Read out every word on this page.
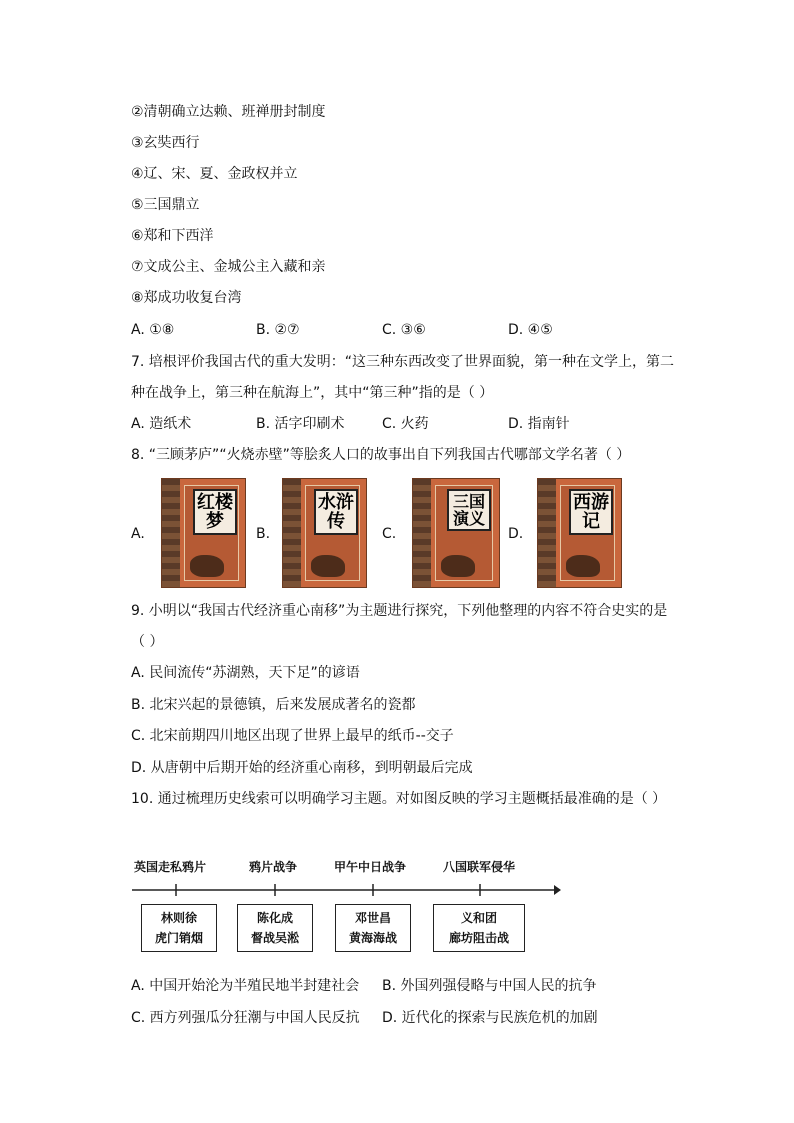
②清朝确立达赖、班禅册封制度
③玄奘西行
④辽、宋、夏、金政权并立
⑤三国鼎立
⑥郑和下西洋
⑦文成公主、金城公主入藏和亲
⑧郑成功收复台湾
A. ①⑧	B. ②⑦	C. ③⑥	D. ④⑤
7. 培根评价我国古代的重大发明：“这三种东西改变了世界面貌，第一种在文学上，第二
种在战争上，第三种在航海上”，其中“第三种”指的是（ ）
A. 造纸术	B. 活字印刷术	C. 火药	D. 指南针
8. “三顾茅庐”“火烧赤壁”等脍炙人口的故事出自下列我国古代哪部文学名著（ ）
A.
红楼梦
B.
水浒传
C.
三国演义
D.
西游记
9. 小明以“我国古代经济重心南移”为主题进行探究，下列他整理的内容不符合史实的是
（ ）
A. 民间流传“苏湖熟，天下足”的谚语
B. 北宋兴起的景德镇，后来发展成著名的瓷都
C. 北宋前期四川地区出现了世界上最早的纸币--交子
D. 从唐朝中后期开始的经济重心南移，到明朝最后完成
10. 通过梳理历史线索可以明确学习主题。对如图反映的学习主题概括最准确的是（ ）
英国走私鸦片	鸦片战争	甲午中日战争	八国联军侵华
林则徐
虎门销烟
陈化成
督战吴淞
邓世昌
黄海海战
义和团
廊坊阻击战
A. 中国开始沦为半殖民地半封建社会 B. 外国列强侵略与中国人民的抗争
C. 西方列强瓜分狂潮与中国人民反抗 D. 近代化的探索与民族危机的加剧
